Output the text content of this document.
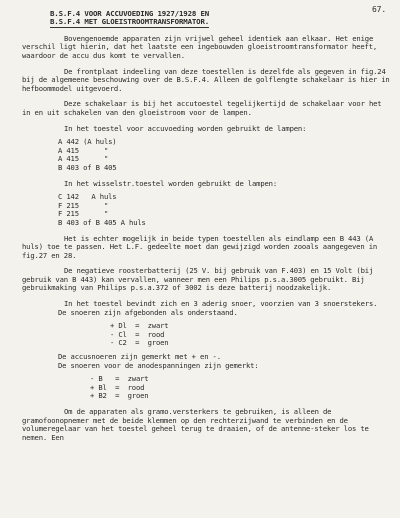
67.
B.S.F.4 VOOR ACCUVOEDING 1927/1928 EN
B.S.F.4 MET GLOEISTROOMTRANSFORMATOR.

Bovengenoemde apparaten zijn vrijwel geheel identiek aan elkaar. Het enige verschil ligt hierin, dat het laatste een ingebouwden gloeistroomtransformator heeft, waardoor de accu dus komt te vervallen.

De frontplaat indeeling van deze toestellen is dezelfde als gegeven in fig.24 bij de algemeene beschouwing over de B.S.F.4. Alleen de golflengte schakelaar is hier in hefboommodel uitgevoerd.

Deze schakelaar is bij het accutoestel tegelijkertijd de schakelaar voor het in en uit schakelen van den gloeistroom voor de lampen.

In het toestel voor accuvoeding worden gebruikt de lampen:

A 442 (A huls)
A 415      "
A 415      "
B 403 of B 405

In het wisselstr.toestel worden gebruikt de lampen:

C 142   A huls
F 215      "
F 215      "
B 403 of B 405 A huls

Het is echter mogelijk in beide typen toestellen als eindlamp een B 443 (A huls) toe te passen. Het L.F. gedeelte moet dan gewijzigd worden zooals aangegeven in fig.27 en 28.

De negatieve roosterbatterij (25 V. bij gebruik van F.403) en 15 Volt (bij gebruik van B 443) kan vervallen, wanneer men een Philips p.s.a.3005 gebruikt. Bij gebruikmaking van Philips p.s.a.372 of 3002 is deze batterij noodzakelijk.

In het toestel bevindt zich en 3 aderig snoer, voorzien van 3 snoerstekers.

De snoeren zijn afgebonden als onderstaand.

+ Dl  =  zwart
- Cl  =  rood
- C2  =  groen

De accusnoeren zijn gemerkt met + en -.

De snoeren voor de anodespanningen zijn gemerkt:

- B   =  zwart
+ Bl  =  rood
+ B2  =  groen

Om de apparaten als gramo.versterkers te gebruiken, is alleen de gramofoonopnemer met de beide klemmen op den rechterzijwand te verbinden en de volumeregelaar van het toestel geheel terug te draaien, of de antenne-steker los te nemen. Een
